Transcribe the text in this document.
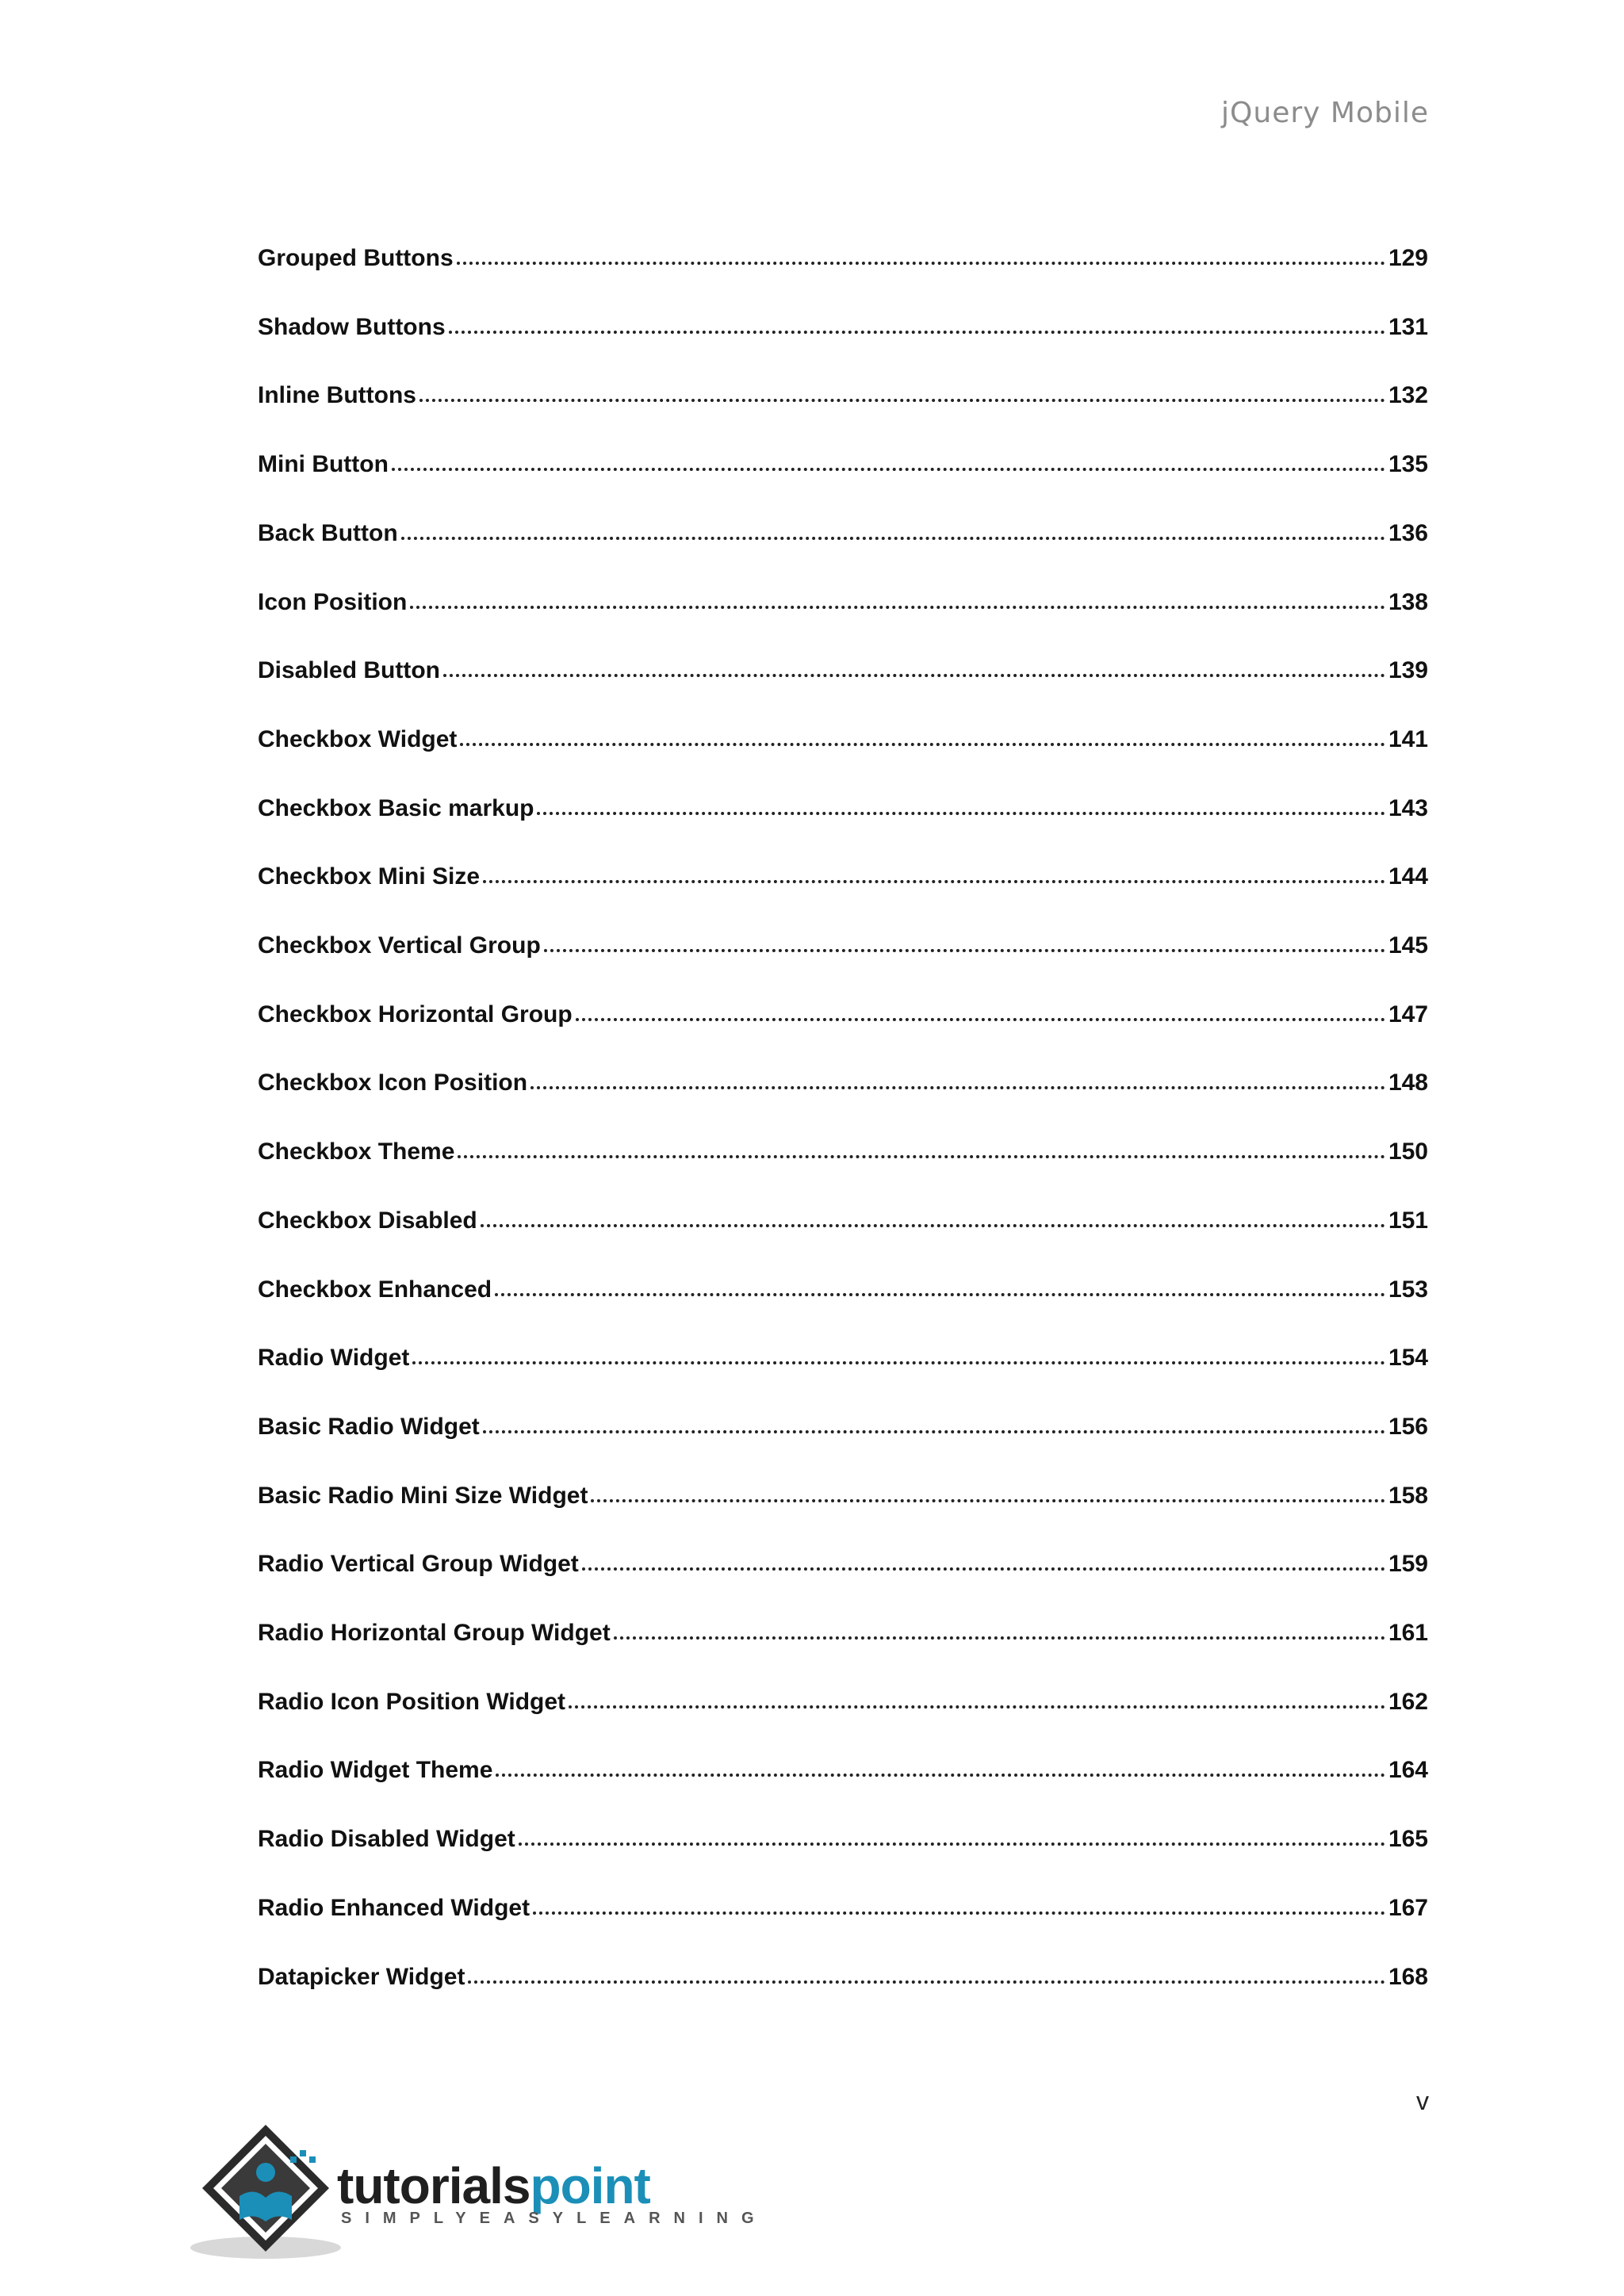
jQuery Mobile
Grouped Buttons	129
Shadow Buttons	131
Inline Buttons	132
Mini Button	135
Back Button	136
Icon Position	138
Disabled Button	139
Checkbox Widget	141
Checkbox Basic markup	143
Checkbox Mini Size	144
Checkbox Vertical Group	145
Checkbox Horizontal Group	147
Checkbox Icon Position	148
Checkbox Theme	150
Checkbox Disabled	151
Checkbox Enhanced	153
Radio Widget	154
Basic Radio Widget	156
Basic Radio Mini Size Widget	158
Radio Vertical Group Widget	159
Radio Horizontal Group Widget	161
Radio Icon Position Widget	162
Radio Widget Theme	164
Radio Disabled Widget	165
Radio Enhanced Widget	167
Datapicker Widget	168
v
tutorialspoint
SIMPLYEASYLEARNING
